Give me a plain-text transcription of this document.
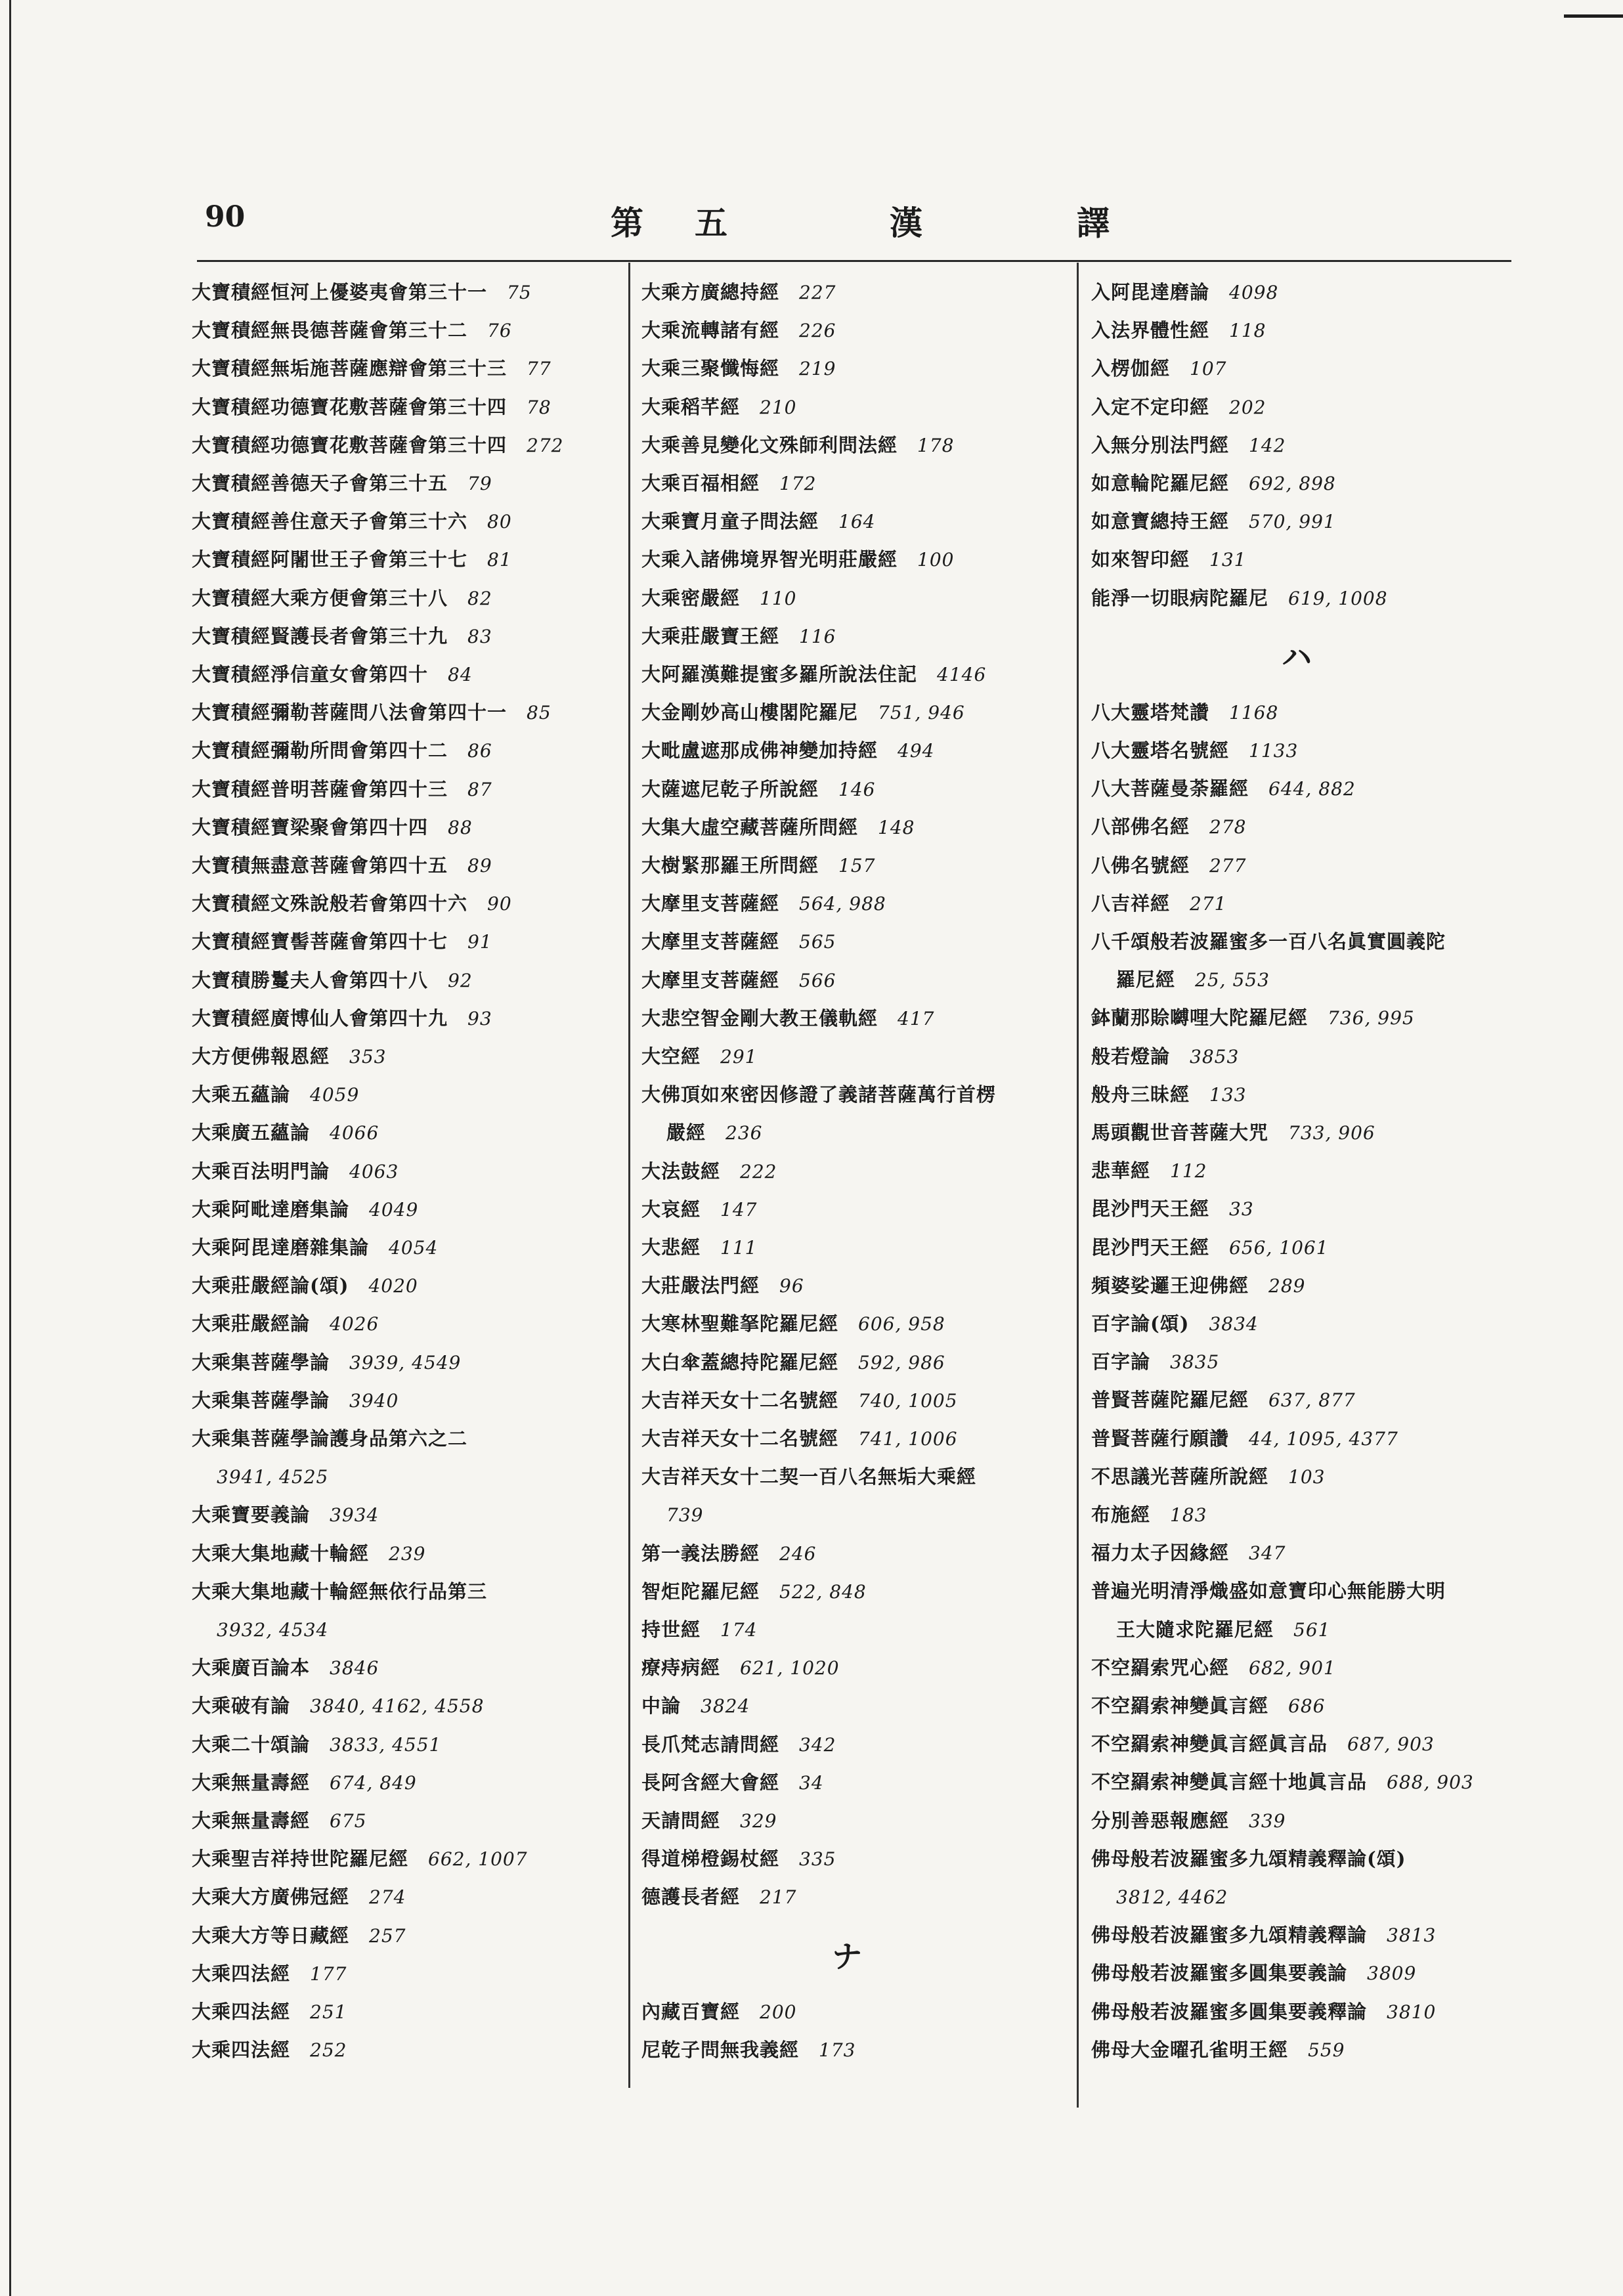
90	第 五	漢	譯
大寶積經恒河上優婆夷會第三十一 75
大寶積經無畏德菩薩會第三十二 76
大寶積經無垢施菩薩應辯會第三十三 77
大寶積經功德寶花敷菩薩會第三十四 78
大寶積經功德寶花敷菩薩會第三十四 272
大寶積經善德天子會第三十五 79
大寶積經善住意天子會第三十六 80
大寶積經阿闍世王子會第三十七 81
大寶積經大乘方便會第三十八 82
大寶積經賢護長者會第三十九 83
大寶積經淨信童女會第四十 84
大寶積經彌勒菩薩問八法會第四十一 85
大寶積經彌勒所問會第四十二 86
大寶積經普明菩薩會第四十三 87
大寶積經寶梁聚會第四十四 88
大寶積無盡意菩薩會第四十五 89
大寶積經文殊說般若會第四十六 90
大寶積經寶髻菩薩會第四十七 91
大寶積勝鬘夫人會第四十八 92
大寶積經廣博仙人會第四十九 93
大方便佛報恩經 353
大乘五蘊論 4059
大乘廣五蘊論 4066
大乘百法明門論 4063
大乘阿毗達磨集論 4049
大乘阿毘達磨雜集論 4054
大乘莊嚴經論(頌) 4020
大乘莊嚴經論 4026
大乘集菩薩學論 3939, 4549
大乘集菩薩學論 3940
大乘集菩薩學論護身品第六之二
3941, 4525
大乘寶要義論 3934
大乘大集地藏十輪經 239
大乘大集地藏十輪經無依行品第三
3932, 4534
大乘廣百論本 3846
大乘破有論 3840, 4162, 4558
大乘二十頌論 3833, 4551
大乘無量壽經 674, 849
大乘無量壽經 675
大乘聖吉祥持世陀羅尼經 662, 1007
大乘大方廣佛冠經 274
大乘大方等日藏經 257
大乘四法經 177
大乘四法經 251
大乘四法經 252
大乘方廣總持經 227
大乘流轉諸有經 226
大乘三聚懺悔經 219
大乘稻芊經 210
大乘善見變化文殊師利問法經 178
大乘百福相經 172
大乘寶月童子問法經 164
大乘入諸佛境界智光明莊嚴經 100
大乘密嚴經 110
大乘莊嚴寶王經 116
大阿羅漢難提蜜多羅所說法住記 4146
大金剛妙高山樓閣陀羅尼 751, 946
大毗盧遮那成佛神變加持經 494
大薩遮尼乾子所說經 146
大集大虛空藏菩薩所問經 148
大樹緊那羅王所問經 157
大摩里支菩薩經 564, 988
大摩里支菩薩經 565
大摩里支菩薩經 566
大悲空智金剛大教王儀軌經 417
大空經 291
大佛頂如來密因修證了義諸菩薩萬行首楞
嚴經 236
大法鼓經 222
大哀經 147
大悲經 111
大莊嚴法門經 96
大寒林聖難拏陀羅尼經 606, 958
大白傘蓋總持陀羅尼經 592, 986
大吉祥天女十二名號經 740, 1005
大吉祥天女十二名號經 741, 1006
大吉祥天女十二契一百八名無垢大乘經
739
第一義法勝經 246
智炬陀羅尼經 522, 848
持世經 174
療痔病經 621, 1020
中論 3824
長爪梵志請問經 342
長阿含經大會經 34
天請問經 329
得道梯橙錫杖經 335
德護長者經 217
ナ
內藏百寶經 200
尼乾子問無我義經 173
入阿毘達磨論 4098
入法界體性經 118
入楞伽經 107
入定不定印經 202
入無分別法門經 142
如意輪陀羅尼經 692, 898
如意寶總持王經 570, 991
如來智印經 131
能淨一切眼病陀羅尼 619, 1008
ハ
八大靈塔梵讚 1168
八大靈塔名號經 1133
八大菩薩曼荼羅經 644, 882
八部佛名經 278
八佛名號經 277
八吉祥經 271
八千頌般若波羅蜜多一百八名眞實圓義陀
羅尼經 25, 553
鉢蘭那賒嚩哩大陀羅尼經 736, 995
般若燈論 3853
般舟三昧經 133
馬頭觀世音菩薩大咒 733, 906
悲華經 112
毘沙門天王經 33
毘沙門天王經 656, 1061
頻婆娑邏王迎佛經 289
百字論(頌) 3834
百字論 3835
普賢菩薩陀羅尼經 637, 877
普賢菩薩行願讚 44, 1095, 4377
不思議光菩薩所說經 103
布施經 183
福力太子因緣經 347
普遍光明清淨熾盛如意寶印心無能勝大明
王大隨求陀羅尼經 561
不空羂索咒心經 682, 901
不空羂索神變眞言經 686
不空羂索神變眞言經眞言品 687, 903
不空羂索神變眞言經十地眞言品 688, 903
分別善惡報應經 339
佛母般若波羅蜜多九頌精義釋論(頌)
3812, 4462
佛母般若波羅蜜多九頌精義釋論 3813
佛母般若波羅蜜多圓集要義論 3809
佛母般若波羅蜜多圓集要義釋論 3810
佛母大金曜孔雀明王經 559
